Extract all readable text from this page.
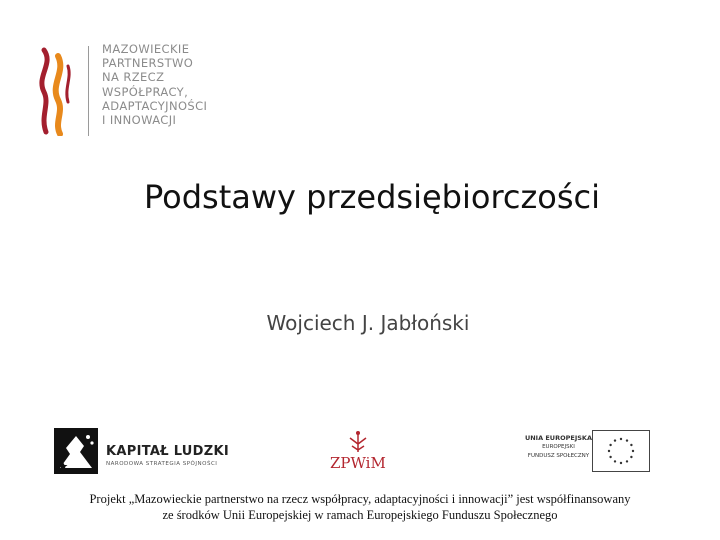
MAZOWIECKIE
PARTNERSTWO
NA RZECZ
WSPÓŁPRACY,
ADAPTACYJNOŚCI
I INNOWACJI
Podstawy przedsiębiorczości
Wojciech J. Jabłoński
KAPITAŁ LUDZKI
NARODOWA STRATEGIA SPÓJNOŚCI	ZPWiM
UNIA EUROPEJSKA
EUROPEJSKI
FUNDUSZ SPOŁECZNY
Projekt „Mazowieckie partnerstwo na rzecz współpracy, adaptacyjności i innowacji” jest współfinansowany
ze środków Unii Europejskiej w ramach Europejskiego Funduszu Społecznego
